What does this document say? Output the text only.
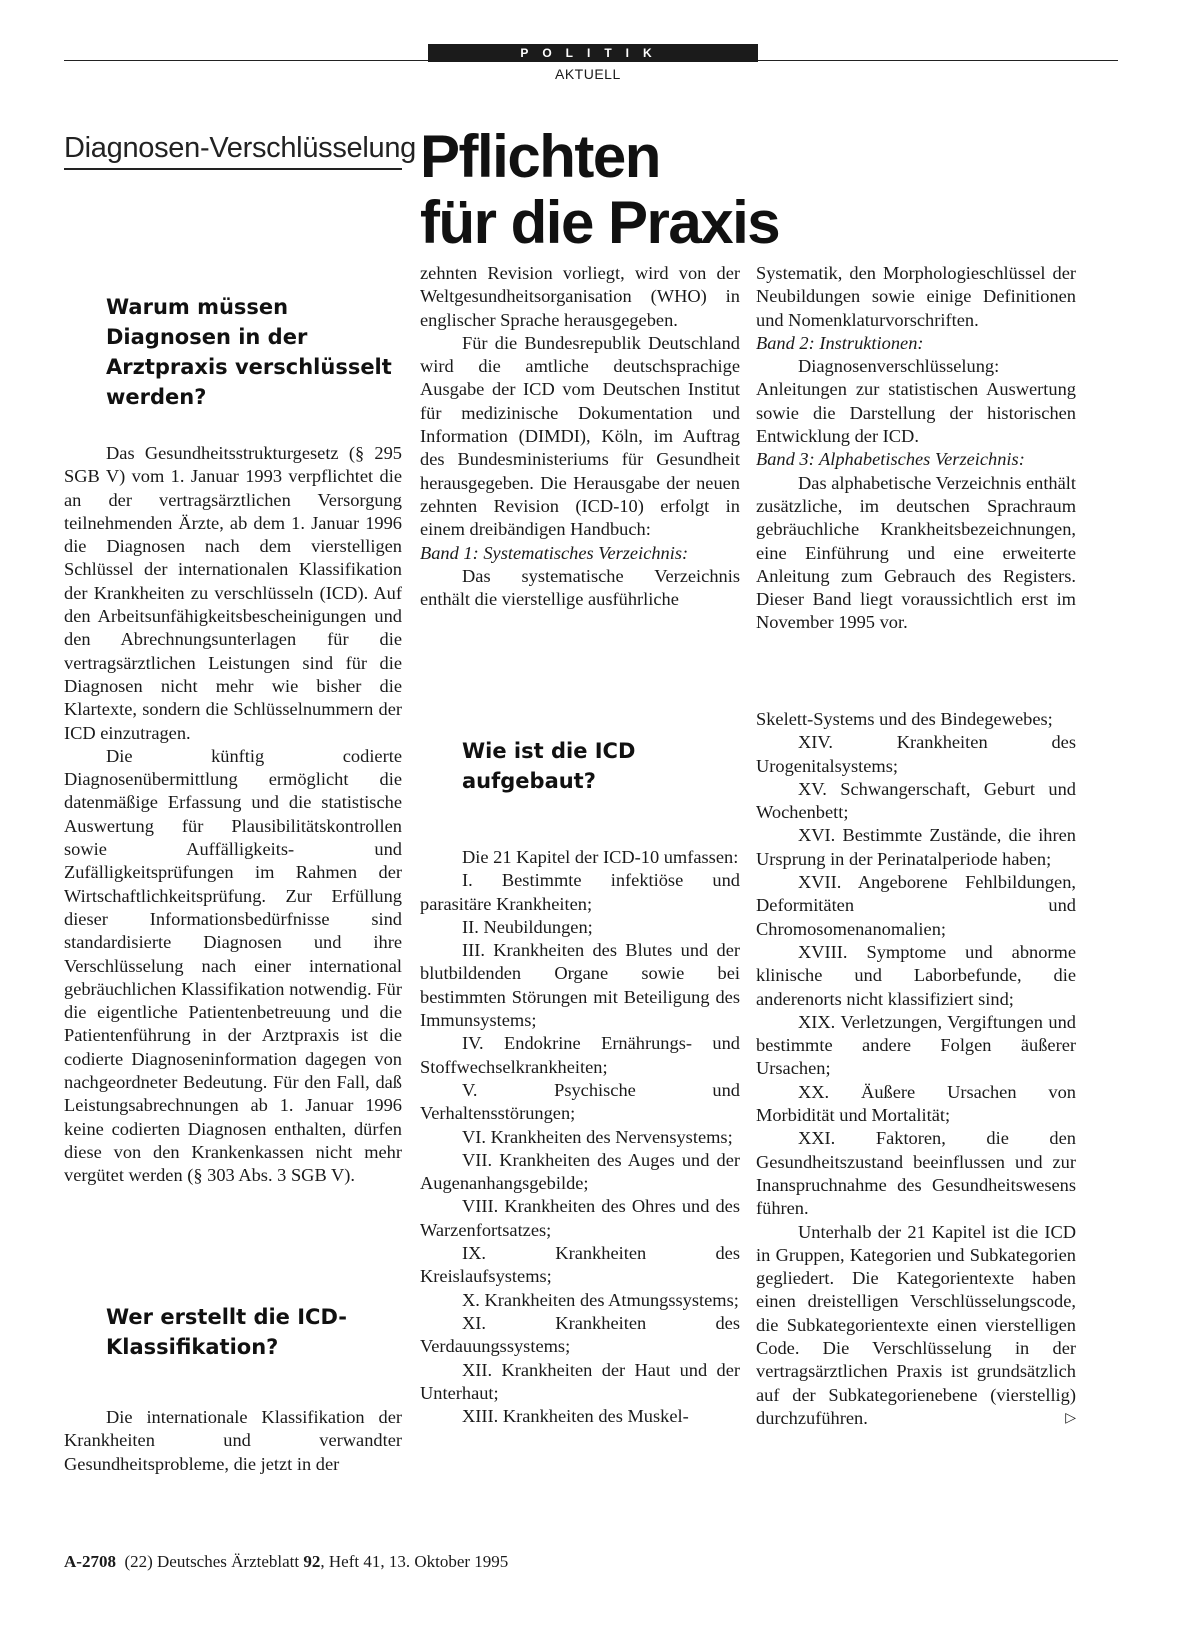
POLITIK
AKTUELL
Diagnosen-Verschlüsselung Pflichten
für die Praxis
Warum müssen Diagnosen in der Arztpraxis verschlüsselt werden?

Das Gesundheitsstrukturgesetz (§ 295 SGB V) vom 1. Januar 1993 verpflichtet die an der vertragsärztlichen Versorgung teilnehmenden Ärzte, ab dem 1. Januar 1996 die Diagnosen nach dem vierstelligen Schlüssel der internationalen Klassifikation der Krankheiten zu verschlüsseln (ICD). Auf den Arbeitsunfähigkeitsbescheinigungen und den Abrechnungsunterlagen für die vertragsärztlichen Leistungen sind für die Diagnosen nicht mehr wie bisher die Klartexte, sondern die Schlüsselnummern der ICD einzutragen.

Die künftig codierte Diagnosenübermittlung ermöglicht die datenmäßige Erfassung und die statistische Auswertung für Plausibilitätskontrollen sowie Auffälligkeits- und Zufälligkeitsprüfungen im Rahmen der Wirtschaftlichkeitsprüfung. Zur Erfüllung dieser Informationsbedürfnisse sind standardisierte Diagnosen und ihre Verschlüsselung nach einer international gebräuchlichen Klassifikation notwendig. Für die eigentliche Patientenbetreuung und die Patientenführung in der Arztpraxis ist die codierte Diagnoseninformation dagegen von nachgeordneter Bedeutung. Für den Fall, daß Leistungsabrechnungen ab 1. Januar 1996 keine codierten Diagnosen enthalten, dürfen diese von den Krankenkassen nicht mehr vergütet werden (§ 303 Abs. 3 SGB V).

Wer erstellt die ICD-Klassifikation?

Die internationale Klassifikation der Krankheiten und verwandter Gesundheitsprobleme, die jetzt in der

zehnten Revision vorliegt, wird von der Weltgesundheitsorganisation (WHO) in englischer Sprache herausgegeben.

Für die Bundesrepublik Deutschland wird die amtliche deutschsprachige Ausgabe der ICD vom Deutschen Institut für medizinische Dokumentation und Information (DIMDI), Köln, im Auftrag des Bundesministeriums für Gesundheit herausgegeben. Die Herausgabe der neuen zehnten Revision (ICD-10) erfolgt in einem dreibändigen Handbuch:

Band 1: Systematisches Verzeichnis:

Das systematische Verzeichnis enthält die vierstellige ausführliche

Wie ist die ICD aufgebaut?

Die 21 Kapitel der ICD-10 umfassen:

I. Bestimmte infektiöse und parasitäre Krankheiten;

II. Neubildungen;

III. Krankheiten des Blutes und der blutbildenden Organe sowie bei bestimmten Störungen mit Beteiligung des Immunsystems;

IV. Endokrine Ernährungs- und Stoffwechselkrankheiten;

V. Psychische und Verhaltensstörungen;

VI. Krankheiten des Nervensystems;

VII. Krankheiten des Auges und der Augenanhangsgebilde;

VIII. Krankheiten des Ohres und des Warzenfortsatzes;

IX. Krankheiten des Kreislaufsystems;

X. Krankheiten des Atmungssystems;

XI. Krankheiten des Verdauungssystems;

XII. Krankheiten der Haut und der Unterhaut;

XIII. Krankheiten des Muskel-

Systematik, den Morphologieschlüssel der Neubildungen sowie einige Definitionen und Nomenklaturvorschriften.

Band 2: Instruktionen:

Diagnosenverschlüsselung: Anleitungen zur statistischen Auswertung sowie die Darstellung der historischen Entwicklung der ICD.

Band 3: Alphabetisches Verzeichnis:

Das alphabetische Verzeichnis enthält zusätzliche, im deutschen Sprachraum gebräuchliche Krankheitsbezeichnungen, eine Einführung und eine erweiterte Anleitung zum Gebrauch des Registers. Dieser Band liegt voraussichtlich erst im November 1995 vor.

Skelett-Systems und des Bindegewebes;

XIV. Krankheiten des Urogenitalsystems;

XV. Schwangerschaft, Geburt und Wochenbett;

XVI. Bestimmte Zustände, die ihren Ursprung in der Perinatalperiode haben;

XVII. Angeborene Fehlbildungen, Deformitäten und Chromosomenanomalien;

XVIII. Symptome und abnorme klinische und Laborbefunde, die anderenorts nicht klassifiziert sind;

XIX. Verletzungen, Vergiftungen und bestimmte andere Folgen äußerer Ursachen;

XX. Äußere Ursachen von Morbidität und Mortalität;

XXI. Faktoren, die den Gesundheitszustand beeinflussen und zur Inanspruchnahme des Gesundheitswesens führen.

Unterhalb der 21 Kapitel ist die ICD in Gruppen, Kategorien und Subkategorien gegliedert. Die Kategorientexte haben einen dreistelligen Verschlüsselungscode, die Subkategorientexte einen vierstelligen Code. Die Verschlüsselung in der vertragsärztlichen Praxis ist grundsätzlich auf der Subkategorienebene (vierstellig) durchzuführen.	▷

A-2708 (22) Deutsches Ärzteblatt 92, Heft 41, 13. Oktober 1995
